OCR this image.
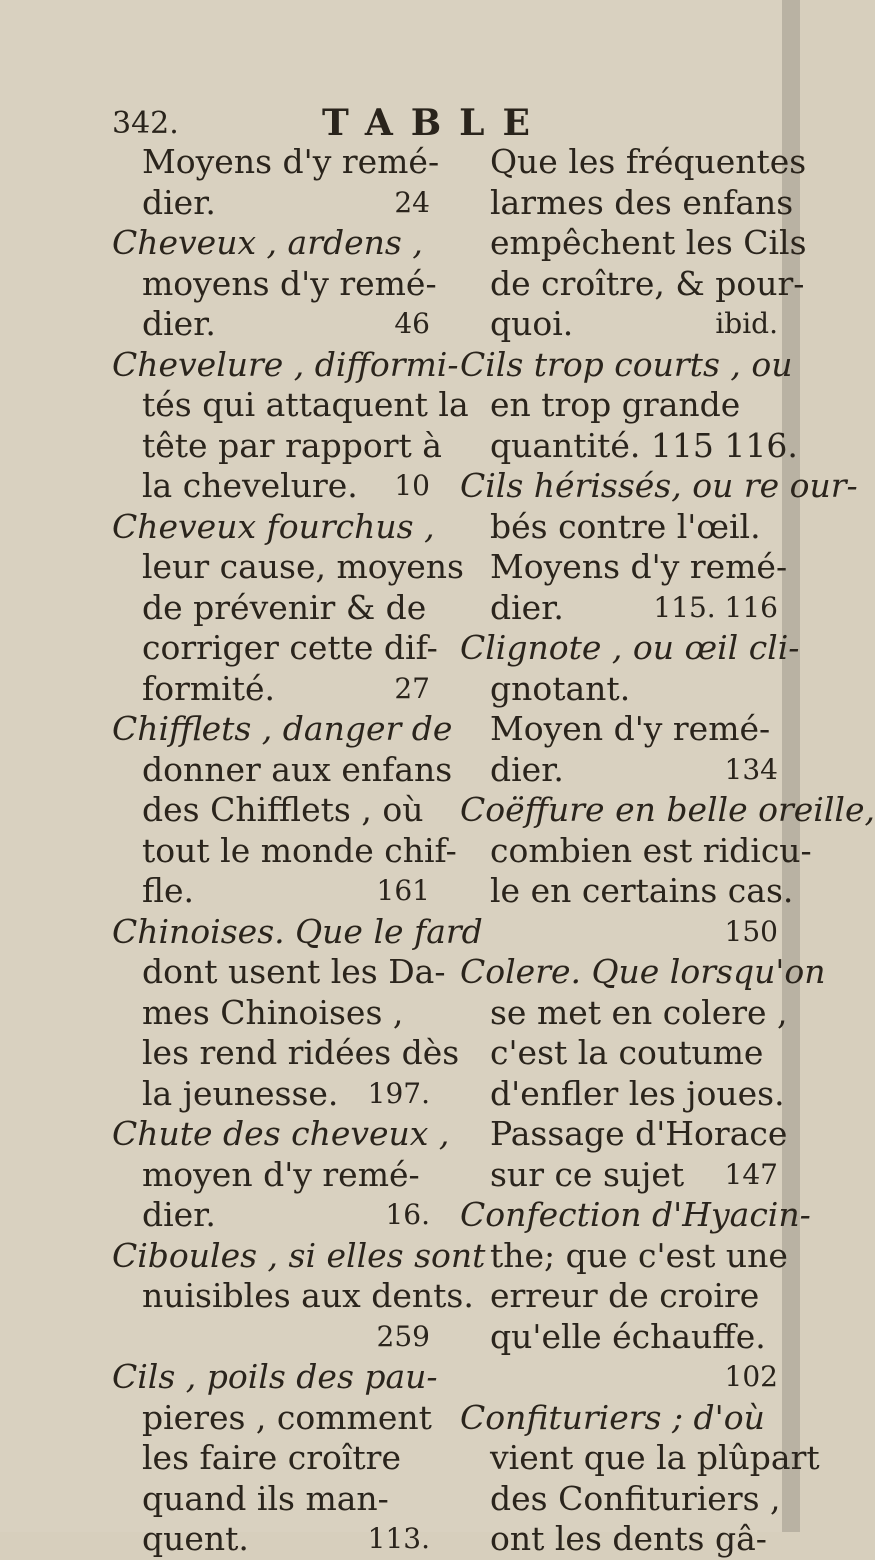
342.	TABLE
Moyens d'y remé-
dier.	24
Cheveux , ardens ,
moyens d'y remé-
dier.	46
Chevelure , difformi-
tés qui attaquent la
tête par rapport à
la chevelure. 10
Cheveux fourchus ,
leur cause, moyens
de prévenir & de
corriger cette dif-
formité.	27
Chifflets , danger de
donner aux enfans
des Chifflets , où
tout le monde chif-
fle.	161
Chinoises. Que le fard
dont usent les Da-
mes Chinoises ,
les rend ridées dès
la jeunesse. 197.
Chute des cheveux ,
moyen d'y remé-
dier.	16.
Ciboules , si elles sont
nuisibles aux dents.
259
Cils , poils des pau-
pieres , comment
les faire croître
quand ils man-
quent.	113.
Que les fréquentes
larmes des enfans
empêchent les Cils
de croître, & pour-
quoi.	ibid.
Cils trop courts , ou
en trop grande
quantité. 115 116.
Cils hérissés, ou re our-
bés contre l'œil.
Moyens d'y remé-
dier.	115. 116
Clignote , ou œil cli-
gnotant.
Moyen d'y remé-
dier.	134
Coëffure en belle oreille,
combien est ridicu-
le en certains cas.
150
Colere. Que lorsqu'on
se met en colere ,
c'est la coutume
d'enfler les joues.
Passage d'Horace
sur ce sujet 147
Confection d'Hyacin-
the; que c'est une
erreur de croire
qu'elle échauffe.
102
Confituriers ; d'où
vient que la plûpart
des Confituriers ,
ont les dents gâ-
